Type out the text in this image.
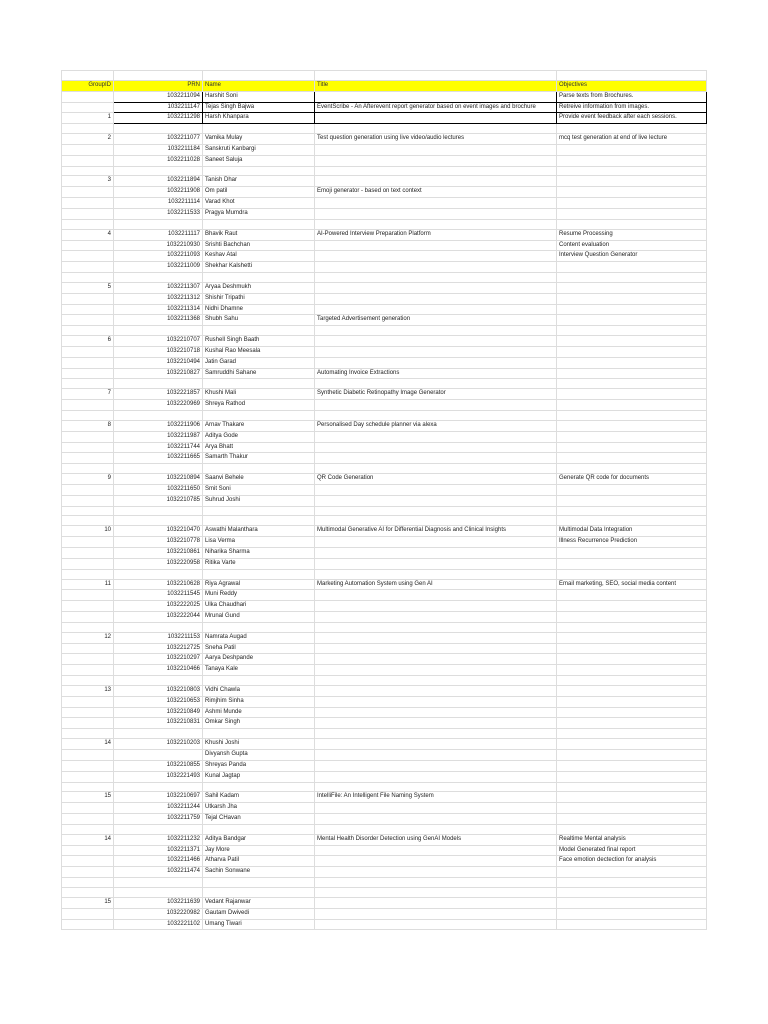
GroupID	PRN	Name	Title	Objectives
	1032211094	Harshit Soni		Parse texts from Brochures.
	1032211147	Tejas Singh Bajwa	EventScribe - An Afterevent report generator based on event images and brochure	Retreive information from images.
1	1032211298	Harsh Khanpara		Provide event feedback after each sessions.

2	1032211077	Vamika Mulay	Test question generation using live video/audio lectures	mcq test generation at end of live lecture
	1032211184	Sanskruti Kanbargi		
	1032211028	Saneet Saluja		

3	1032211894	Tanish Dhar		
	1032211908	Om patil	Emoji generator - based on text context	
	1032211114	Varad Khot		
	1032211533	Pragya Mumdra		

4	1032211117	Bhavik Raut	AI-Powered Interview Preparation Platform	Resume Processing
	1032210930	Srishti Bachchan		Content evaluation
	1032211093	Keshav Atal		Interview Question Generator
	1032211009	Shekhar Kalshetti		

5	1032211307	Aryaa Deshmukh		
	1032211312	Shishir Tripathi		
	1032211314	Nidhi Dhamne		
	1032211368	Shubh Sahu	Targeted Advertisement generation	

6	1032210707	Rushell Singh Baath		
	1032210718	Kushal Rao Meesala		
	1032210494	Jatin Garad		
	1032210827	Samruddhi Sahane	Automating Invoice Extractions	

7	1032221857	Khushi Mali	Synthetic Diabetic Retinopathy Image Generator	
	1032220969	Shreya Rathod		

8	1032211906	Arnav Thakare	Personalised Day schedule planner via alexa	
	1032211987	Aditya Gode		
	1032211744	Arya Bhatt		
	1032211665	Samarth Thakur		

9	1032210894	Saanvi Behele	QR Code Generation	Generate QR code for documents
	1032211650	Smit Soni		
	1032210785	Suhrud Joshi		

10	1032210470	Aswathi Malanthara	Multimodal Generative AI for Differential Diagnosis and Clinical Insights	Multimodal Data Integration
	1032210778	Lisa Verma		Illness Recurrence Prediction
	1032210861	Niharika Sharma		
	1032220958	Ritika Varte		

11	1032210628	Riya Agrawal	Marketing Automation System using Gen AI	Email marketing, SEO, social media content
	1032211545	Muni Reddy		
	1032222025	Ulka Chaudhari		
	1032222044	Mrunal Gund		

12	1032211153	Namrata Augad		
	1032212725	Sneha Patil		
	1032210297	Aarya Deshpande		
	1032210466	Tanaya Kale		

13	1032210803	Vidhi Chawla		
	1032210653	Rimjhim Sinha		
	1032210849	Ashmi Munde		
	1032210831	Omkar Singh		

14	1032210203	Khushi Joshi		
		Divyansh Gupta		
	1032210855	Shreyas Panda		
	1032221493	Kunal Jagtap		

15	1032210697	Sahil Kadam	IntelliFile: An Intelligent File Naming System	
	1032211244	Utkarsh Jha		
	1032211759	Tejal CHavan		

14	1032211232	Aditya Bandgar	Mental Health Disorder Detection using GenAI Models	Realtime Mental analysis
	1032211371	Jay More		Model Generated final report
	1032211466	Atharva Patil		Face emotion dectection for analysis
	1032211474	Sachin Sonwane		

15	1032211639	Vedant Rajanwar		
	1032220982	Gautam Dwivedi		
	1032221102	Umang Tiwari		
